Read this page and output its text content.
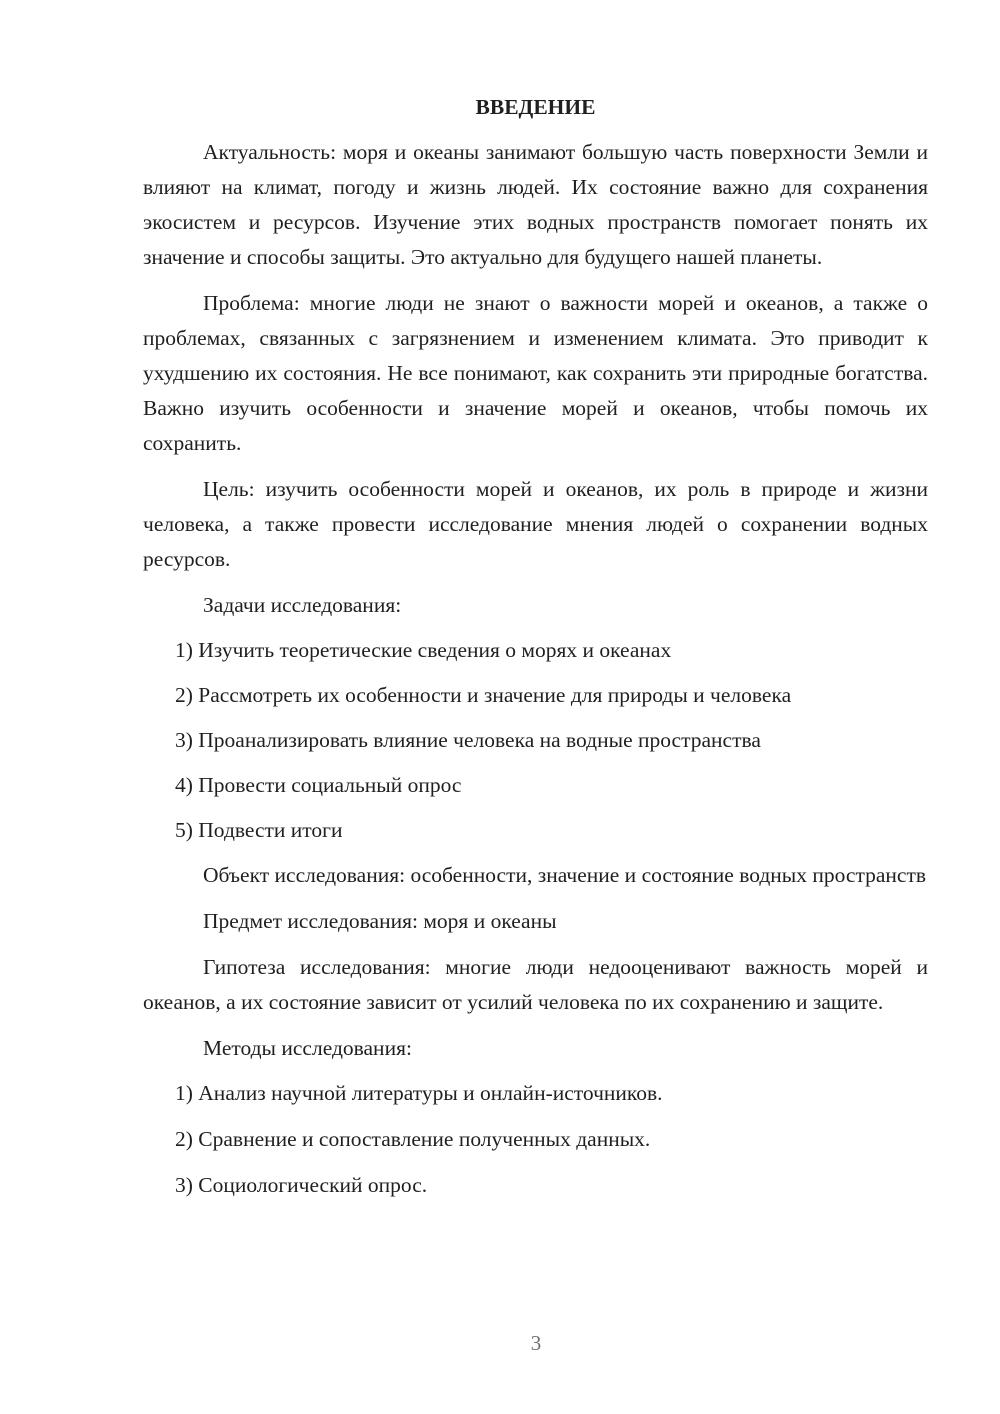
ВВЕДЕНИЕ

Актуальность: моря и океаны занимают большую часть поверхности Земли и влияют на климат, погоду и жизнь людей. Их состояние важно для сохранения экосистем и ресурсов. Изучение этих водных пространств помогает понять их значение и способы защиты. Это актуально для будущего нашей планеты.

Проблема: многие люди не знают о важности морей и океанов, а также о проблемах, связанных с загрязнением и изменением климата. Это приводит к ухудшению их состояния. Не все понимают, как сохранить эти природные богатства. Важно изучить особенности и значение морей и океанов, чтобы помочь их сохранить.

Цель: изучить особенности морей и океанов, их роль в природе и жизни человека, а также провести исследование мнения людей о сохранении водных ресурсов.

Задачи исследования:
1) Изучить теоретические сведения о морях и океанах
2) Рассмотреть их особенности и значение для природы и человека
3) Проанализировать влияние человека на водные пространства
4) Провести социальный опрос
5) Подвести итоги

Объект исследования: особенности, значение и состояние водных пространств

Предмет исследования: моря и океаны

Гипотеза исследования: многие люди недооценивают важность морей и океанов, а их состояние зависит от усилий человека по их сохранению и защите.

Методы исследования:
1) Анализ научной литературы и онлайн-источников.
2) Сравнение и сопоставление полученных данных.
3) Социологический опрос.
3
